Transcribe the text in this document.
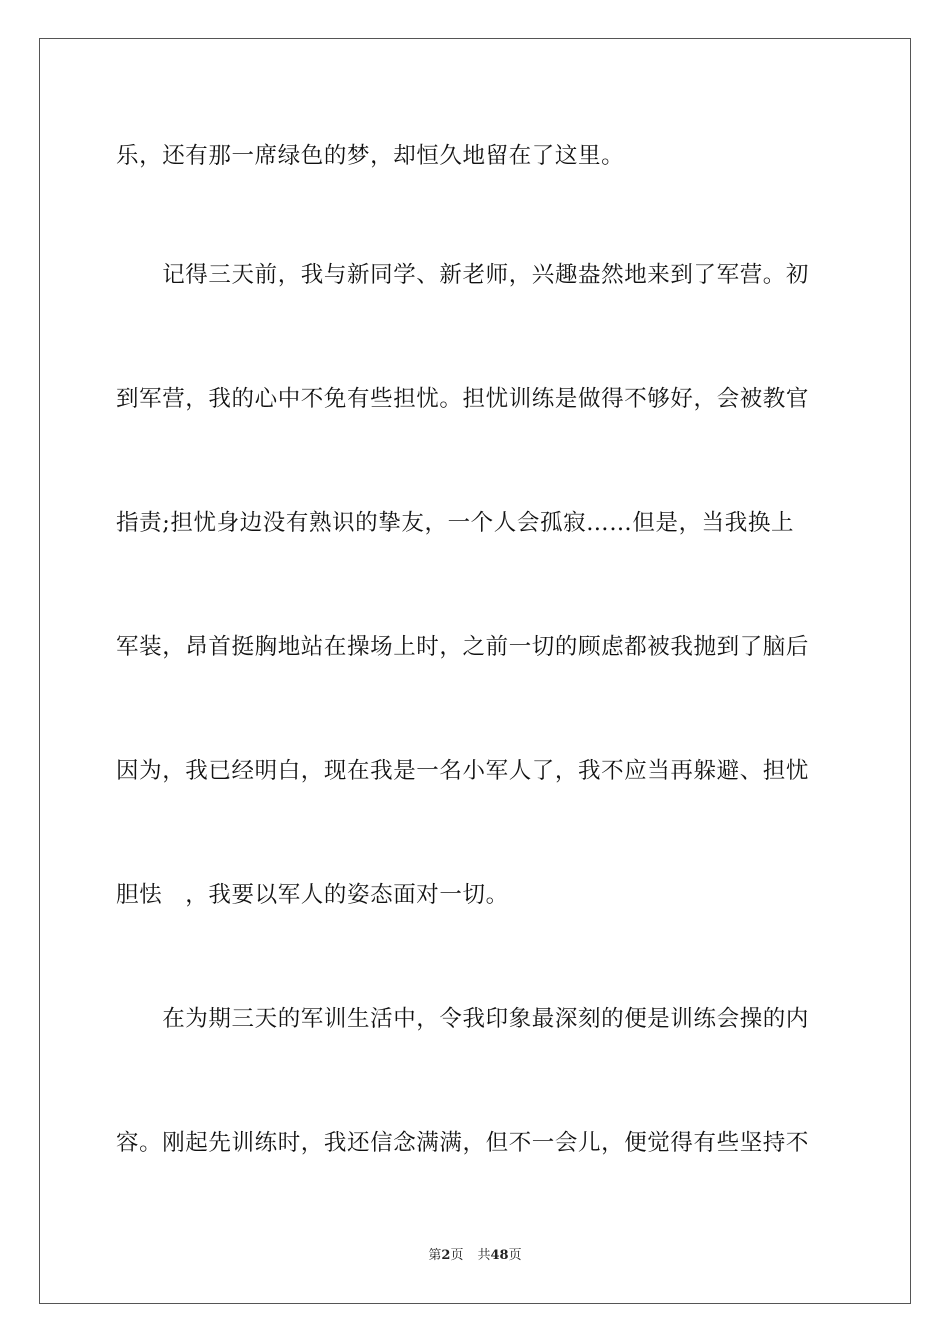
乐，还有那一席绿色的梦，却恒久地留在了这里。
　　记得三天前，我与新同学、新老师，兴趣盎然地来到了军营。初
到军营，我的心中不免有些担忧。担忧训练是做得不够好，会被教官
指责;担忧身边没有熟识的挚友，一个人会孤寂……但是，当我换上
军装，昂首挺胸地站在操场上时，之前一切的顾虑都被我抛到了脑后
因为，我已经明白，现在我是一名小军人了，我不应当再躲避、担忧
胆怯　，我要以军人的姿态面对一切。
　　在为期三天的军训生活中，令我印象最深刻的便是训练会操的内
容。刚起先训练时，我还信念满满，但不一会儿，便觉得有些坚持不
第2页 共48页
